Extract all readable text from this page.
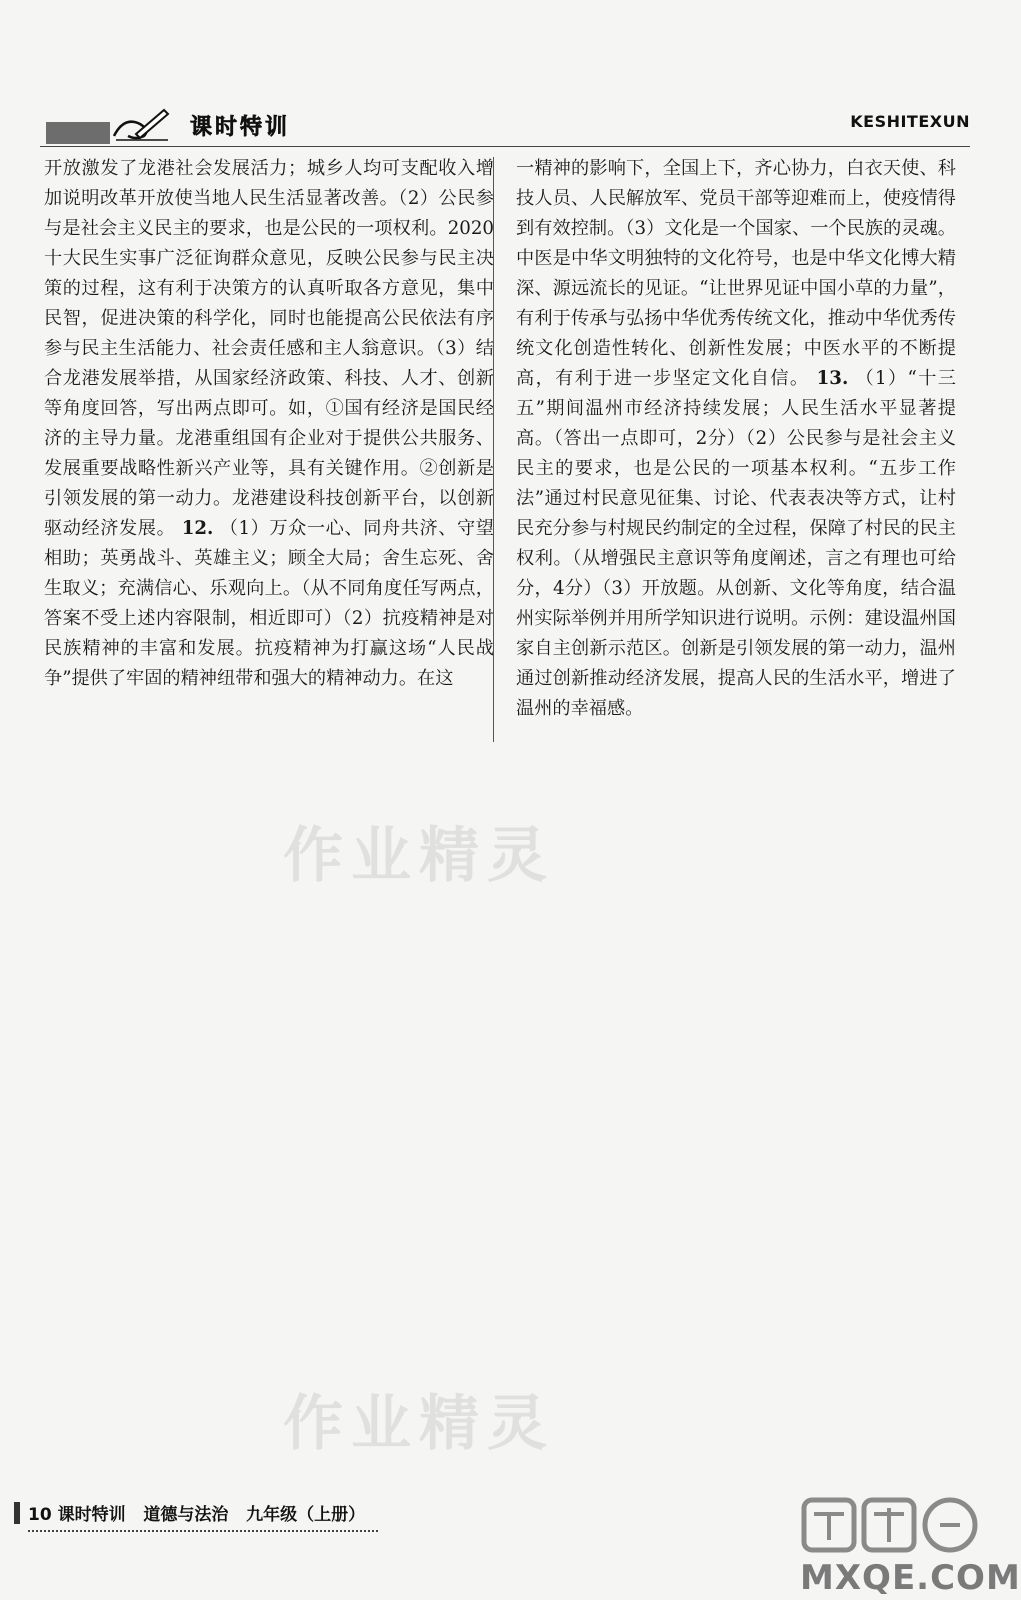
课时特训	KESHITEXUN

开放激发了龙港社会发展活力；城乡人均可支配收入增加说明改革开放使当地人民生活显著改善。（2）公民参与是社会主义民主的要求，也是公民的一项权利。2020十大民生实事广泛征询群众意见，反映公民参与民主决策的过程，这有利于决策方的认真听取各方意见，集中民智，促进决策的科学化，同时也能提高公民依法有序参与民主生活能力、社会责任感和主人翁意识。（3）结合龙港发展举措，从国家经济政策、科技、人才、创新等角度回答，写出两点即可。如，①国有经济是国民经济的主导力量。龙港重组国有企业对于提供公共服务、发展重要战略性新兴产业等，具有关键作用。②创新是引领发展的第一动力。龙港建设科技创新平台，以创新驱动经济发展。 12. （1）万众一心、同舟共济、守望相助；英勇战斗、英雄主义；顾全大局；舍生忘死、舍生取义；充满信心、乐观向上。（从不同角度任写两点，答案不受上述内容限制，相近即可）（2）抗疫精神是对民族精神的丰富和发展。抗疫精神为打赢这场“人民战争”提供了牢固的精神纽带和强大的精神动力。在这

一精神的影响下，全国上下，齐心协力，白衣天使、科技人员、人民解放军、党员干部等迎难而上，使疫情得到有效控制。（3）文化是一个国家、一个民族的灵魂。中医是中华文明独特的文化符号，也是中华文化博大精深、源远流长的见证。“让世界见证中国小草的力量”，有利于传承与弘扬中华优秀传统文化，推动中华优秀传统文化创造性转化、创新性发展；中医水平的不断提高，有利于进一步坚定文化自信。 13. （1）“十三五”期间温州市经济持续发展；人民生活水平显著提高。（答出一点即可，2分）（2）公民参与是社会主义民主的要求，也是公民的一项基本权利。“五步工作法”通过村民意见征集、讨论、代表表决等方式，让村民充分参与村规民约制定的全过程，保障了村民的民主权利。（从增强民主意识等角度阐述，言之有理也可给分，4分）（3）开放题。从创新、文化等角度，结合温州实际举例并用所学知识进行说明。示例：建设温州国家自主创新示范区。创新是引领发展的第一动力，温州通过创新推动经济发展，提高人民的生活水平，增进了温州的幸福感。

作业精灵
作业精灵
10 课时特训   道德与法治   九年级（上册）
MXQE.COM
